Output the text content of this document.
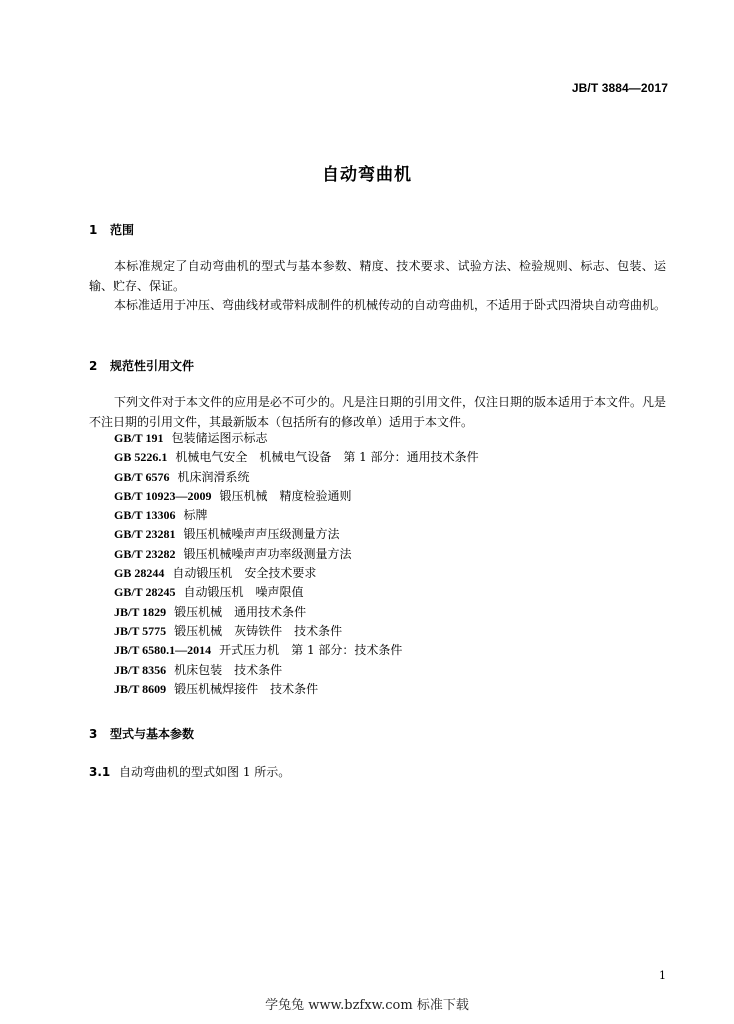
JB/T 3884—2017
自动弯曲机
1 范围
本标准规定了自动弯曲机的型式与基本参数、精度、技术要求、试验方法、检验规则、标志、包装、运输、贮存、保证。
本标准适用于冲压、弯曲线材或带料成制件的机械传动的自动弯曲机，不适用于卧式四滑块自动弯曲机。
2 规范性引用文件
下列文件对于本文件的应用是必不可少的。凡是注日期的引用文件，仅注日期的版本适用于本文件。凡是不注日期的引用文件，其最新版本（包括所有的修改单）适用于本文件。
GB/T 191 包装储运图示标志
GB 5226.1 机械电气安全　机械电气设备　第 1 部分：通用技术条件
GB/T 6576 机床润滑系统
GB/T 10923—2009 锻压机械　精度检验通则
GB/T 13306 标牌
GB/T 23281 锻压机械噪声声压级测量方法
GB/T 23282 锻压机械噪声声功率级测量方法
GB 28244 自动锻压机　安全技术要求
GB/T 28245 自动锻压机　噪声限值
JB/T 1829 锻压机械　通用技术条件
JB/T 5775 锻压机械　灰铸铁件　技术条件
JB/T 6580.1—2014 开式压力机　第 1 部分：技术条件
JB/T 8356 机床包装　技术条件
JB/T 8609 锻压机械焊接件　技术条件
3 型式与基本参数
3.1 自动弯曲机的型式如图 1 所示。
1
学兔兔 www.bzfxw.com 标准下载
